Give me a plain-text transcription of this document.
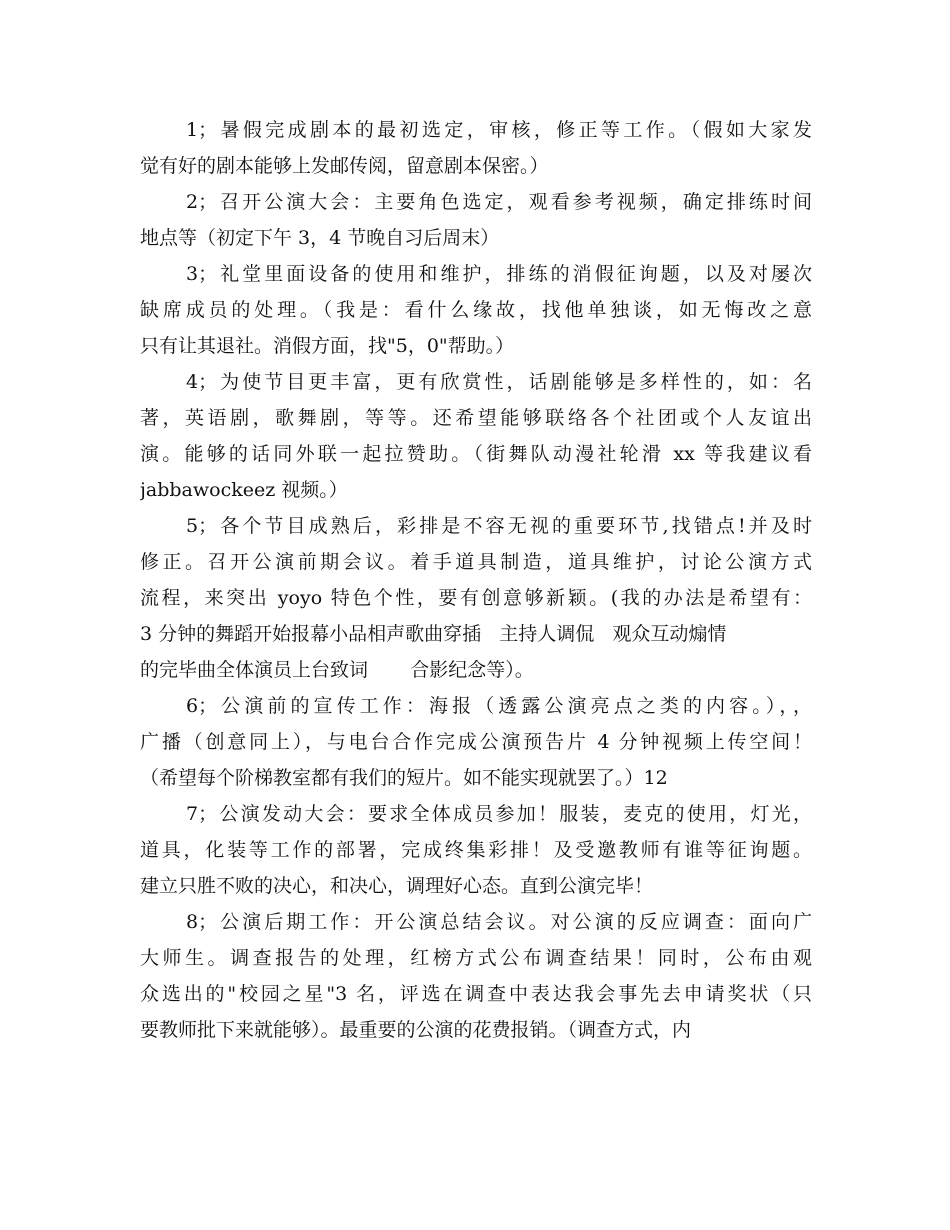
1；暑假完成剧本的最初选定，审核，修正等工作。（假如大家发
觉有好的剧本能够上发邮传阅，留意剧本保密。）
2；召开公演大会：主要角色选定，观看参考视频，确定排练时间
地点等（初定下午 3，4 节晚自习后周末）
3；礼堂里面设备的使用和维护，排练的消假征询题，以及对屡次
缺席成员的处理。（我是：看什么缘故，找他单独谈，如无悔改之意
只有让其退社。消假方面，找"5，0"帮助。）
4；为使节目更丰富，更有欣赏性，话剧能够是多样性的，如：名
著，英语剧，歌舞剧，等等。还希望能够联络各个社团或个人友谊出
演。能够的话同外联一起拉赞助。（街舞队动漫社轮滑 xx 等我建议看
jabbawockeez 视频。）
5；各个节目成熟后，彩排是不容无视的重要环节,找错点!并及时
修正。召开公演前期会议。着手道具制造，道具维护，讨论公演方式
流程，来突出 yoyo 特色个性，要有创意够新颖。(我的办法是希望有：
3 分钟的舞蹈开始报幕小品相声歌曲穿插   主持人调侃   观众互动煽情
的完毕曲全体演员上台致词       合影纪念等）。
6；公演前的宣传工作：海报（透露公演亮点之类的内容。），，
广播（创意同上），与电台合作完成公演预告片 4 分钟视频上传空间！
（希望每个阶梯教室都有我们的短片。如不能实现就罢了。）12
7；公演发动大会：要求全体成员参加！服装，麦克的使用，灯光，
道具，化装等工作的部署，完成终集彩排！及受邀教师有谁等征询题。
建立只胜不败的决心，和决心，调理好心态。直到公演完毕！
8；公演后期工作：开公演总结会议。对公演的反应调查：面向广
大师生。调查报告的处理，红榜方式公布调查结果！同时，公布由观
众选出的"校园之星"3 名，评选在调查中表达我会事先去申请奖状（只
要教师批下来就能够）。最重要的公演的花费报销。（调查方式，内
